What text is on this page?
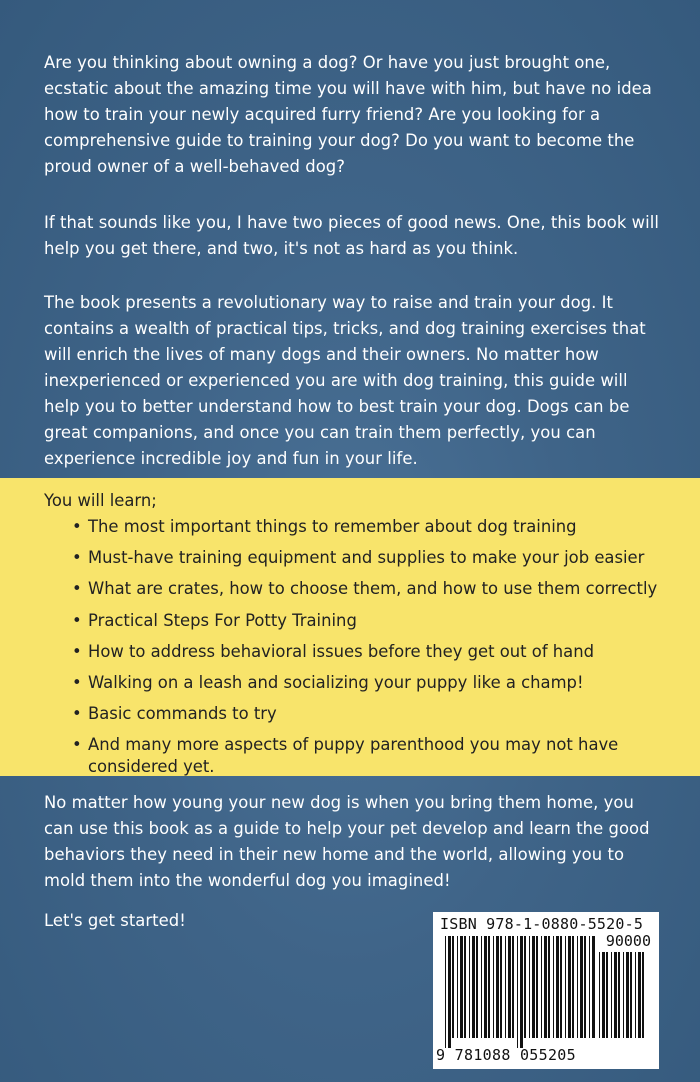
Are you thinking about owning a dog? Or have you just brought one, ecstatic about the amazing time you will have with him, but have no idea how to train your newly acquired furry friend? Are you looking for a comprehensive guide to training your dog? Do you want to become the proud owner of a well-behaved dog?

If that sounds like you, I have two pieces of good news. One, this book will help you get there, and two, it's not as hard as you think.

The book presents a revolutionary way to raise and train your dog. It contains a wealth of practical tips, tricks, and dog training exercises that will enrich the lives of many dogs and their owners. No matter how inexperienced or experienced you are with dog training, this guide will help you to better understand how to best train your dog. Dogs can be great companions, and once you can train them perfectly, you can experience incredible joy and fun in your life.

You will learn;

• The most important things to remember about dog training
• Must-have training equipment and supplies to make your job easier
• What are crates, how to choose them, and how to use them correctly
• Practical Steps For Potty Training
• How to address behavioral issues before they get out of hand
• Walking on a leash and socializing your puppy like a champ!
• Basic commands to try
• And many more aspects of puppy parenthood you may not have considered yet.

No matter how young your new dog is when you bring them home, you can use this book as a guide to help your pet develop and learn the good behaviors they need in their new home and the world, allowing you to mold them into the wonderful dog you imagined!

Let's get started!	ISBN 978-1-0880-5520-5
90000
9 781088 055205
